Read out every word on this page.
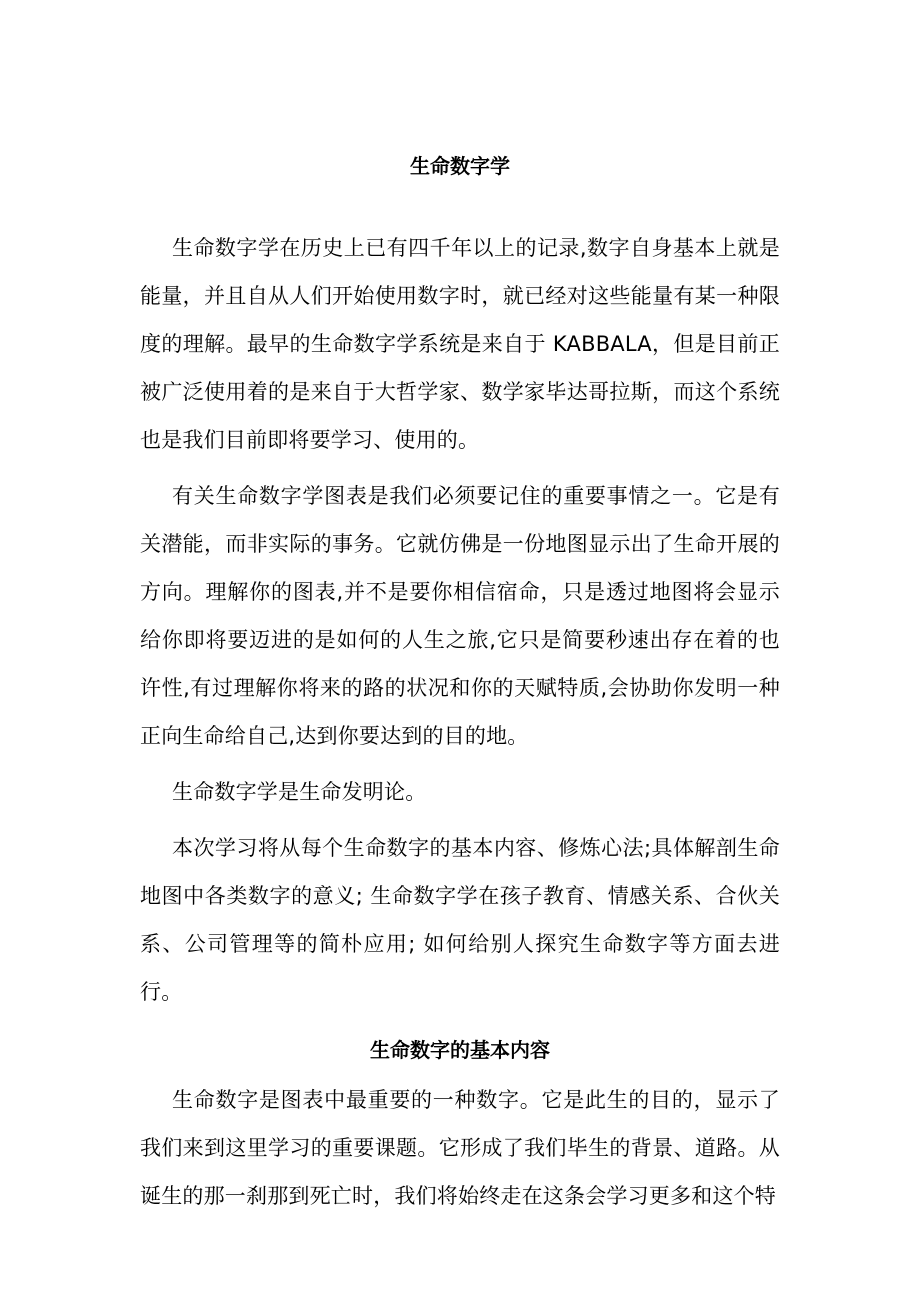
生命数字学

生命数字学在历史上已有四千年以上的记录,数字自身基本上就是能量，并且自从人们开始使用数字时，就已经对这些能量有某一种限度的理解。最早的生命数字学系统是来自于 KABBALA，但是目前正被广泛使用着的是来自于大哲学家、数学家毕达哥拉斯，而这个系统也是我们目前即将要学习、使用的。

有关生命数字学图表是我们必须要记住的重要事情之一。它是有关潜能，而非实际的事务。它就仿佛是一份地图显示出了生命开展的方向。理解你的图表,并不是要你相信宿命，只是透过地图将会显示给你即将要迈进的是如何的人生之旅,它只是简要秒速出存在着的也许性,有过理解你将来的路的状况和你的天赋特质,会协助你发明一种正向生命给自己,达到你要达到的目的地。

生命数字学是生命发明论。

本次学习将从每个生命数字的基本内容、修炼心法;具体解剖生命地图中各类数字的意义; 生命数字学在孩子教育、情感关系、合伙关系、公司管理等的简朴应用; 如何给别人探究生命数字等方面去进行。

生命数字的基本内容

生命数字是图表中最重要的一种数字。它是此生的目的，显示了我们来到这里学习的重要课题。它形成了我们毕生的背景、道路。从诞生的那一刹那到死亡时，我们将始终走在这条会学习更多和这个特
